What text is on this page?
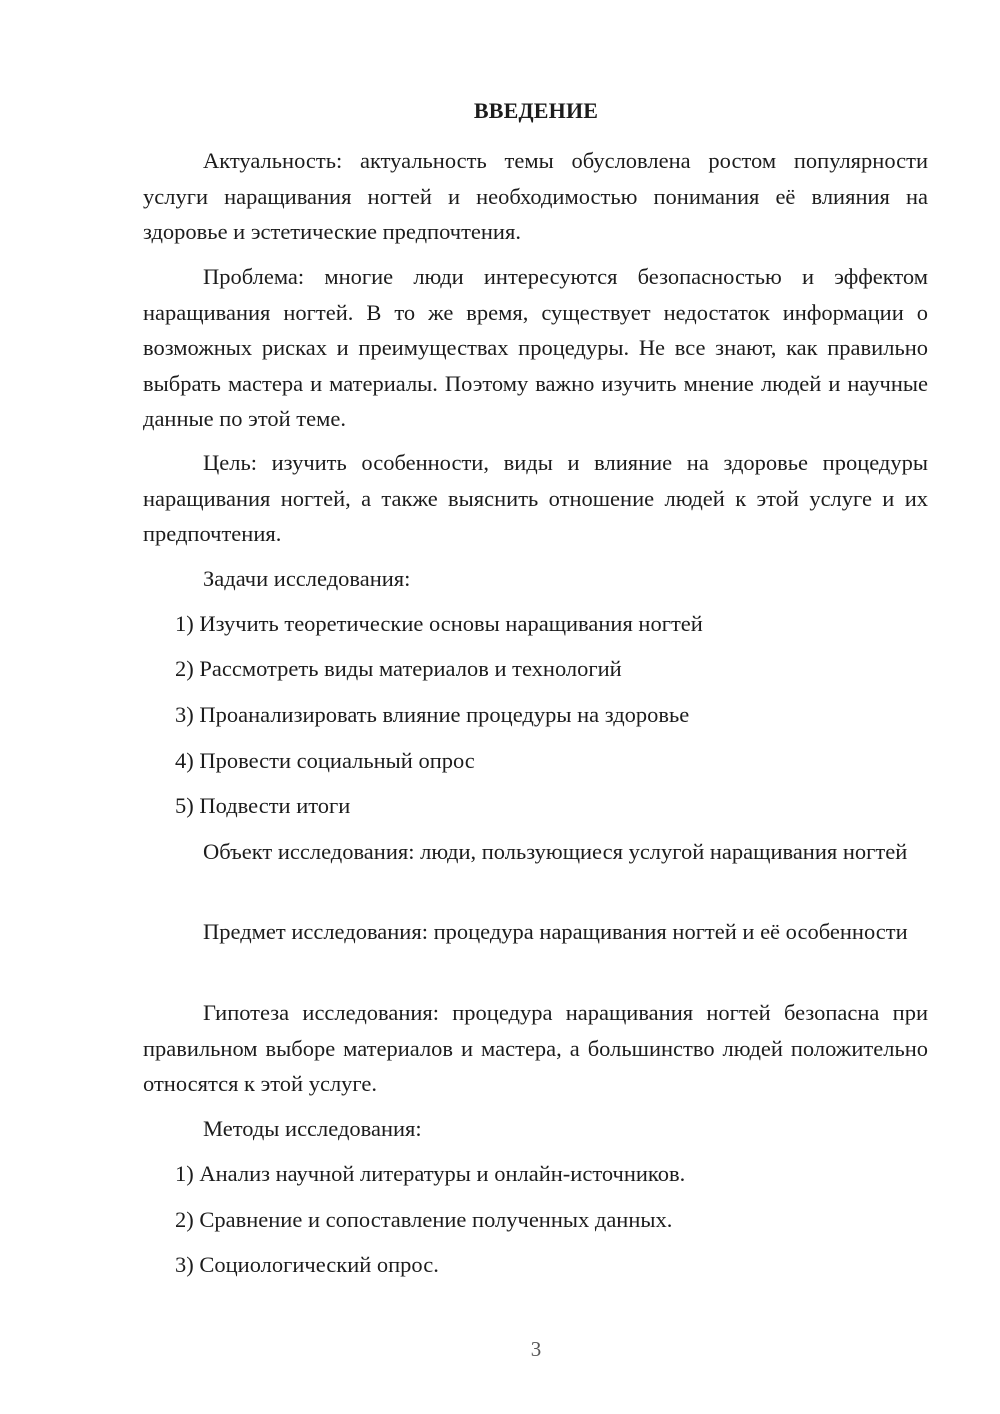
ВВЕДЕНИЕ

Актуальность: актуальность темы обусловлена ростом популярности услуги наращивания ногтей и необходимостью понимания её влияния на здоровье и эстетические предпочтения.

Проблема: многие люди интересуются безопасностью и эффектом наращивания ногтей. В то же время, существует недостаток информации о возможных рисках и преимуществах процедуры. Не все знают, как правильно выбрать мастера и материалы. Поэтому важно изучить мнение людей и научные данные по этой теме.

Цель: изучить особенности, виды и влияние на здоровье процедуры наращивания ногтей, а также выяснить отношение людей к этой услуге и их предпочтения.

Задачи исследования:

1) Изучить теоретические основы наращивания ногтей

2) Рассмотреть виды материалов и технологий

3) Проанализировать влияние процедуры на здоровье

4) Провести социальный опрос

5) Подвести итоги

Объект исследования: люди, пользующиеся услугой наращивания ногтей

Предмет исследования: процедура наращивания ногтей и её особенности

Гипотеза исследования: процедура наращивания ногтей безопасна при правильном выборе материалов и мастера, а большинство людей положительно относятся к этой услуге.

Методы исследования:

1) Анализ научной литературы и онлайн-источников.

2) Сравнение и сопоставление полученных данных.

3) Социологический опрос.

3
